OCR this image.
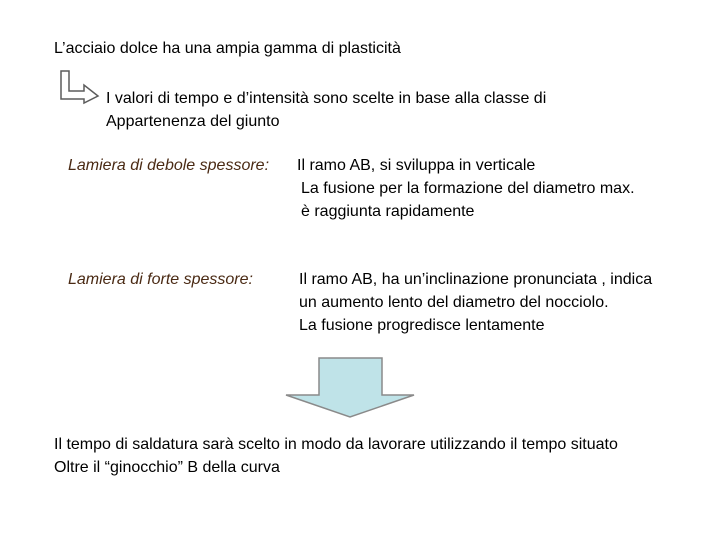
L’acciaio dolce ha una ampia gamma di plasticità
I valori di tempo e d’intensità sono scelte in base alla classe di
Appartenenza del giunto
Lamiera di debole spessore: Il ramo AB, si sviluppa in verticale
La fusione per la formazione del diametro max.
è raggiunta rapidamente
Lamiera di forte spessore:	Il ramo AB, ha un’inclinazione pronunciata , indica
un aumento lento del diametro del nocciolo.
La fusione progredisce lentamente
Il tempo di saldatura sarà scelto in modo da lavorare utilizzando il tempo situato
Oltre il “ginocchio” B della curva
